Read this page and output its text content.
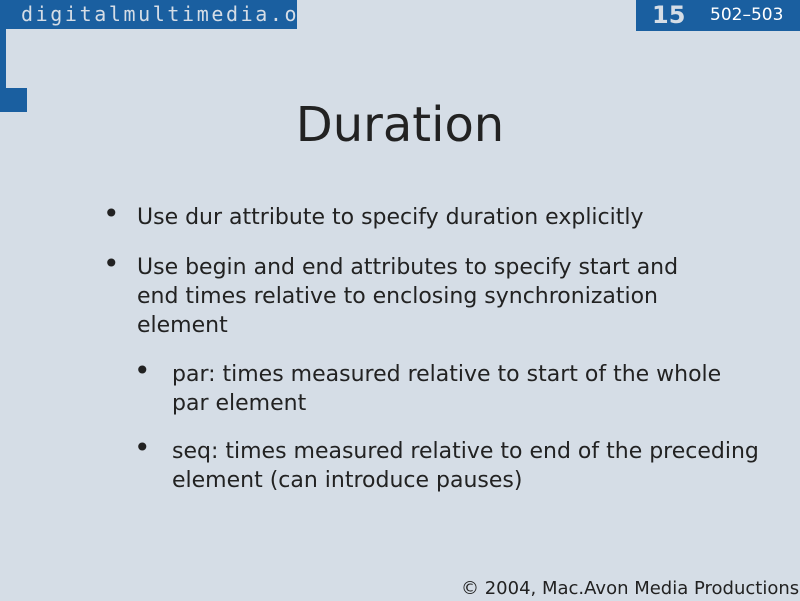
digitalmultimedia.org	15 502–503
Duration
• Use dur attribute to specify duration explicitly
• Use begin and end attributes to specify start and end times relative to enclosing synchronization element
• par: times measured relative to start of the whole par element
• seq: times measured relative to end of the preceding element (can introduce pauses)
© 2004, Mac.Avon Media Productions
